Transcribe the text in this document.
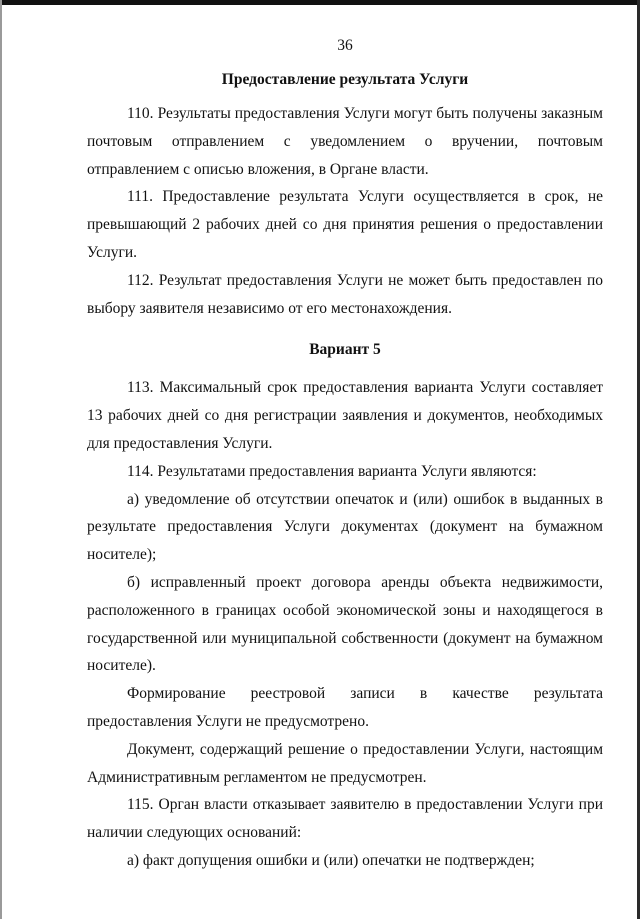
36
Предоставление результата Услуги

110. Результаты предоставления Услуги могут быть получены заказным почтовым отправлением с уведомлением о вручении, почтовым отправлением с описью вложения, в Органе власти.

111. Предоставление результата Услуги осуществляется в срок, не превышающий 2 рабочих дней со дня принятия решения о предоставлении Услуги.

112. Результат предоставления Услуги не может быть предоставлен по выбору заявителя независимо от его местонахождения.

Вариант 5

113. Максимальный срок предоставления варианта Услуги составляет 13 рабочих дней со дня регистрации заявления и документов, необходимых для предоставления Услуги.

114. Результатами предоставления варианта Услуги являются:

а) уведомление об отсутствии опечаток и (или) ошибок в выданных в результате предоставления Услуги документах (документ на бумажном носителе);

б) исправленный проект договора аренды объекта недвижимости, расположенного в границах особой экономической зоны и находящегося в государственной или муниципальной собственности (документ на бумажном носителе).

Формирование реестровой записи в качестве результата предоставления Услуги не предусмотрено.

Документ, содержащий решение о предоставлении Услуги, настоящим Административным регламентом не предусмотрен.

115. Орган власти отказывает заявителю в предоставлении Услуги при наличии следующих оснований:

а) факт допущения ошибки и (или) опечатки не подтвержден;
